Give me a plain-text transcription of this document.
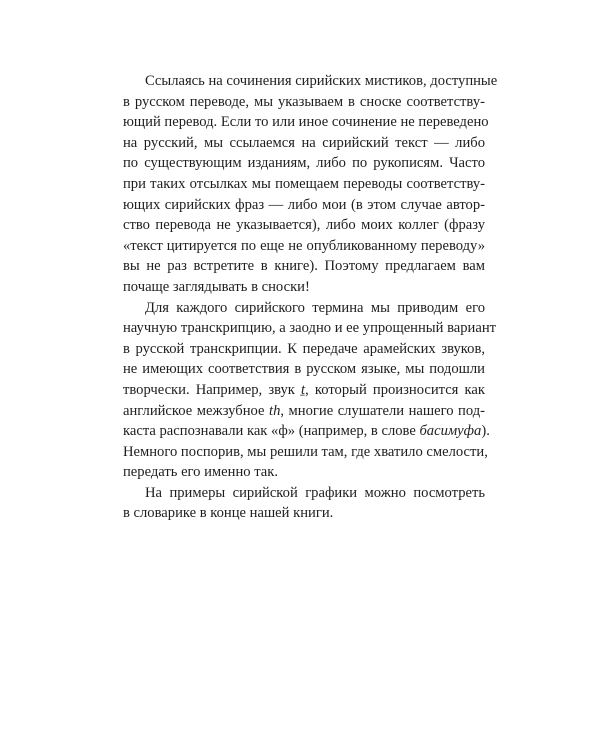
Ссылаясь на сочинения сирийских мистиков, доступные
в русском переводе, мы указываем в сноске соответству-
ющий перевод. Если то или иное сочинение не переведено
на русский, мы ссылаемся на сирийский текст — либо
по существующим изданиям, либо по рукописям. Часто
при таких отсылках мы помещаем переводы соответству-
ющих сирийских фраз — либо мои (в этом случае автор-
ство перевода не указывается), либо моих коллег (фразу
«текст цитируется по еще не опубликованному переводу»
вы не раз встретите в книге). Поэтому предлагаем вам
почаще заглядывать в сноски!

Для каждого сирийского термина мы приводим его
научную транскрипцию, а заодно и ее упрощенный вариант
в русской транскрипции. К передаче арамейских звуков,
не имеющих соответствия в русском языке, мы подошли
творчески. Например, звук ṯ, который произносится как
английское межзубное th, многие слушатели нашего под-
каста распознавали как «ф» (например, в слове басимуфа).
Немного поспорив, мы решили там, где хватило смелости,
передать его именно так.

На примеры сирийской графики можно посмотреть
в словарике в конце нашей книги.
